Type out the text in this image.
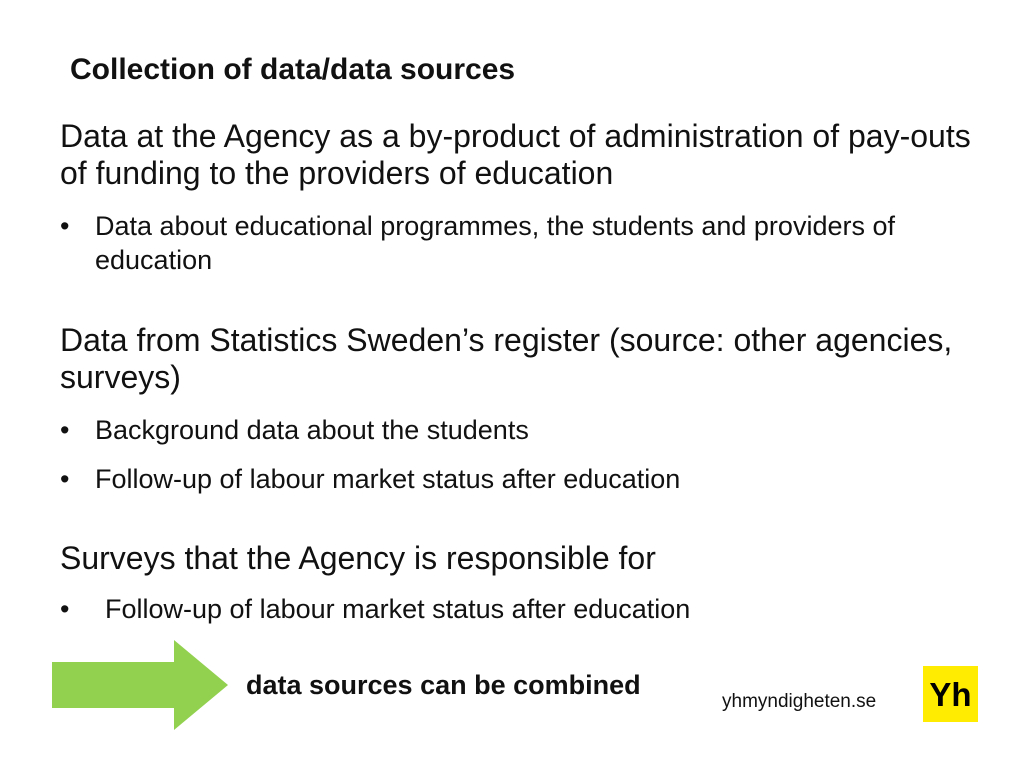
Collection of data/data sources
Data at the Agency as a by-product of administration of pay-outs of funding to the providers of education
• Data about educational programmes, the students and providers of education
Data from Statistics Sweden’s register (source: other agencies, surveys)
• Background data about the students
• Follow-up of labour market status after education
Surveys that the Agency is responsible for
•	Follow-up of labour market status after education
data sources can be combined
yhmyndigheten.se Yh
